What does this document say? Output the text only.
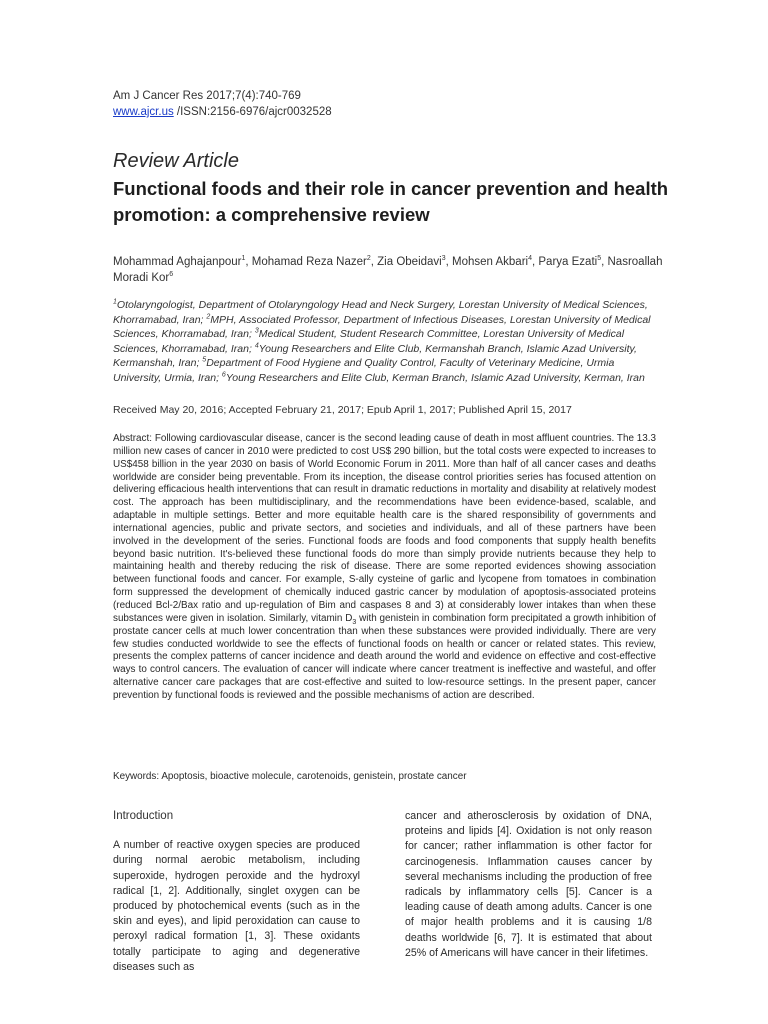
Am J Cancer Res 2017;7(4):740-769
www.ajcr.us /ISSN:2156-6976/ajcr0032528
Review Article
Functional foods and their role in cancer prevention and health promotion: a comprehensive review
Mohammad Aghajanpour$^1$, Mohamad Reza Nazer$^2$, Zia Obeidavi$^3$, Mohsen Akbari$^4$, Parya Ezati$^5$, Nasroallah Moradi Kor$^6$
$^1$Otolaryngologist, Department of Otolaryngology Head and Neck Surgery, Lorestan University of Medical Sciences, Khorramabad, Iran; $^2$MPH, Associated Professor, Department of Infectious Diseases, Lorestan University of Medical Sciences, Khorramabad, Iran; $^3$Medical Student, Student Research Committee, Lorestan University of Medical Sciences, Khorramabad, Iran; $^4$Young Researchers and Elite Club, Kermanshah Branch, Islamic Azad University, Kermanshah, Iran; $^5$Department of Food Hygiene and Quality Control, Faculty of Veterinary Medicine, Urmia University, Urmia, Iran; $^6$Young Researchers and Elite Club, Kerman Branch, Islamic Azad University, Kerman, Iran
Received May 20, 2016; Accepted February 21, 2017; Epub April 1, 2017; Published April 15, 2017
Abstract: Following cardiovascular disease, cancer is the second leading cause of death in most affluent countries. The 13.3 million new cases of cancer in 2010 were predicted to cost US$ 290 billion, but the total costs were expected to increases to US$458 billion in the year 2030 on basis of World Economic Forum in 2011. More than half of all cancer cases and deaths worldwide are consider being preventable. From its inception, the disease control priorities series has focused attention on delivering efficacious health interventions that can result in dramatic reductions in mortality and disability at relatively modest cost. The approach has been multidisciplinary, and the recommendations have been evidence-based, scalable, and adaptable in multiple settings. Better and more equitable health care is the shared responsibility of governments and international agencies, public and private sectors, and societies and individuals, and all of these partners have been involved in the development of the series. Functional foods are foods and food components that supply health benefits beyond basic nutrition. It's-believed these functional foods do more than simply provide nutrients because they help to maintaining health and thereby reducing the risk of disease. There are some reported evidences showing association between functional foods and cancer. For example, S-ally cysteine of garlic and lycopene from tomatoes in combination form suppressed the development of chemically induced gastric cancer by modulation of apoptosis-associated proteins (reduced Bcl-2/Bax ratio and up-regulation of Bim and caspases 8 and 3) at considerably lower intakes than when these substances were given in isolation. Similarly, vitamin $D_3$ with genistein in combination form precipitated a growth inhibition of prostate cancer cells at much lower concentration than when these substances were provided individually. There are very few studies conducted worldwide to see the effects of functional foods on health or cancer or related states. This review, presents the complex patterns of cancer incidence and death around the world and evidence on effective and cost-effective ways to control cancers. The evaluation of cancer will indicate where cancer treatment is ineffective and wasteful, and offer alternative cancer care packages that are cost-effective and suited to low-resource settings. In the present paper, cancer prevention by functional foods is reviewed and the possible mechanisms of action are described.
Keywords: Apoptosis, bioactive molecule, carotenoids, genistein, prostate cancer
Introduction

A number of reactive oxygen species are produced during normal aerobic metabolism, including superoxide, hydrogen peroxide and the hydroxyl radical [1, 2]. Additionally, singlet oxygen can be produced by photochemical events (such as in the skin and eyes), and lipid peroxidation can cause to peroxyl radical formation [1, 3]. These oxidants totally participate to aging and degenerative diseases such as

cancer and atherosclerosis by oxidation of DNA, proteins and lipids [4]. Oxidation is not only reason for cancer; rather inflammation is other factor for carcinogenesis. Inflammation causes cancer by several mechanisms including the production of free radicals by inflammatory cells [5]. Cancer is a leading cause of death among adults. Cancer is one of major health problems and it is causing 1/8 deaths worldwide [6, 7]. It is estimated that about 25% of Americans will have cancer in their lifetimes.
